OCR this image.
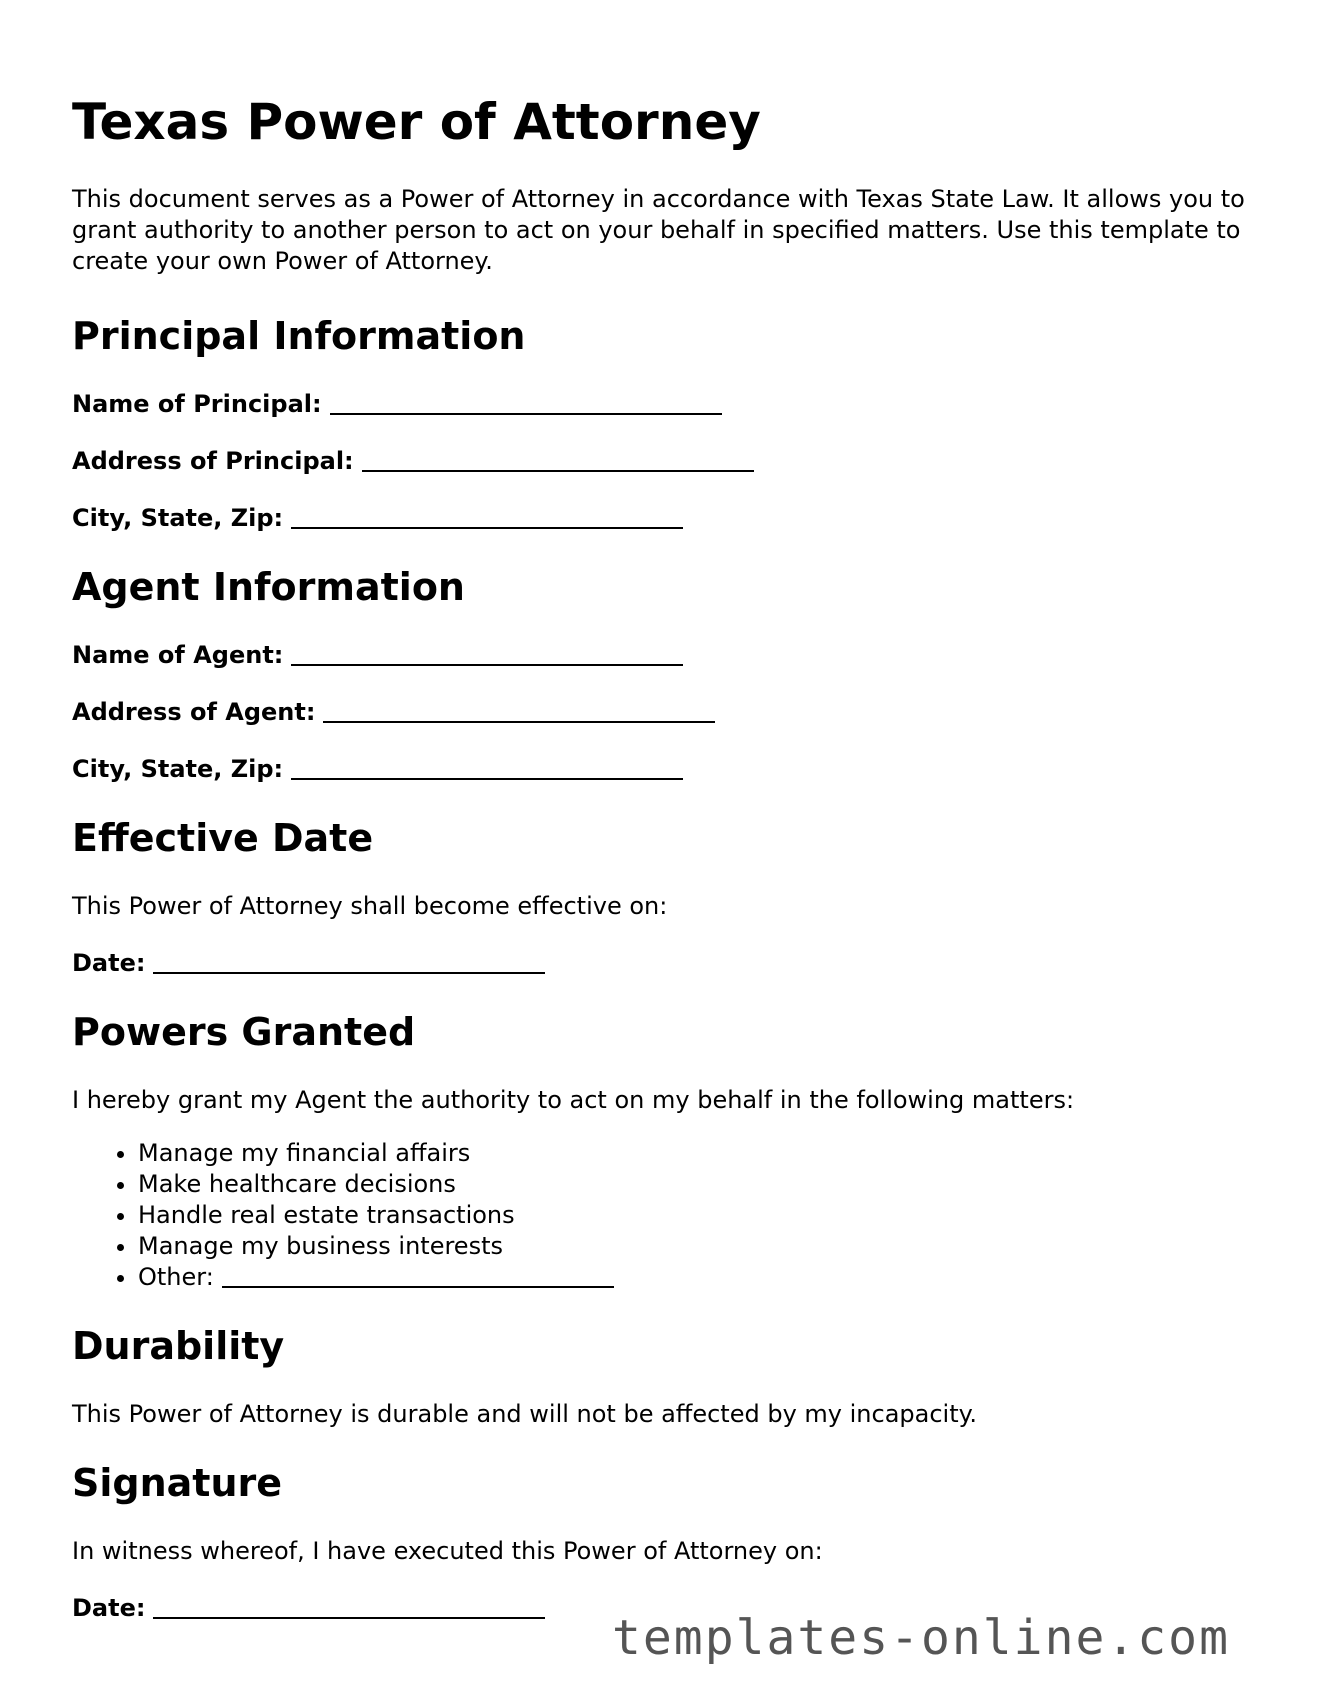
Texas Power of Attorney

This document serves as a Power of Attorney in accordance with Texas State Law. It allows you to grant authority to another person to act on your behalf in specified matters. Use this template to create your own Power of Attorney.

Principal Information
Name of Principal:
Address of Principal:
City, State, Zip:
Agent Information
Name of Agent:
Address of Agent:
City, State, Zip:
Effective Date

This Power of Attorney shall become effective on:

Date:
Powers Granted

I hereby grant my Agent the authority to act on my behalf in the following matters:

• Manage my financial affairs
• Make healthcare decisions
• Handle real estate transactions
• Manage my business interests
• Other:
Durability

This Power of Attorney is durable and will not be affected by my incapacity.

Signature

In witness whereof, I have executed this Power of Attorney on:

Date:
templates-online.com
